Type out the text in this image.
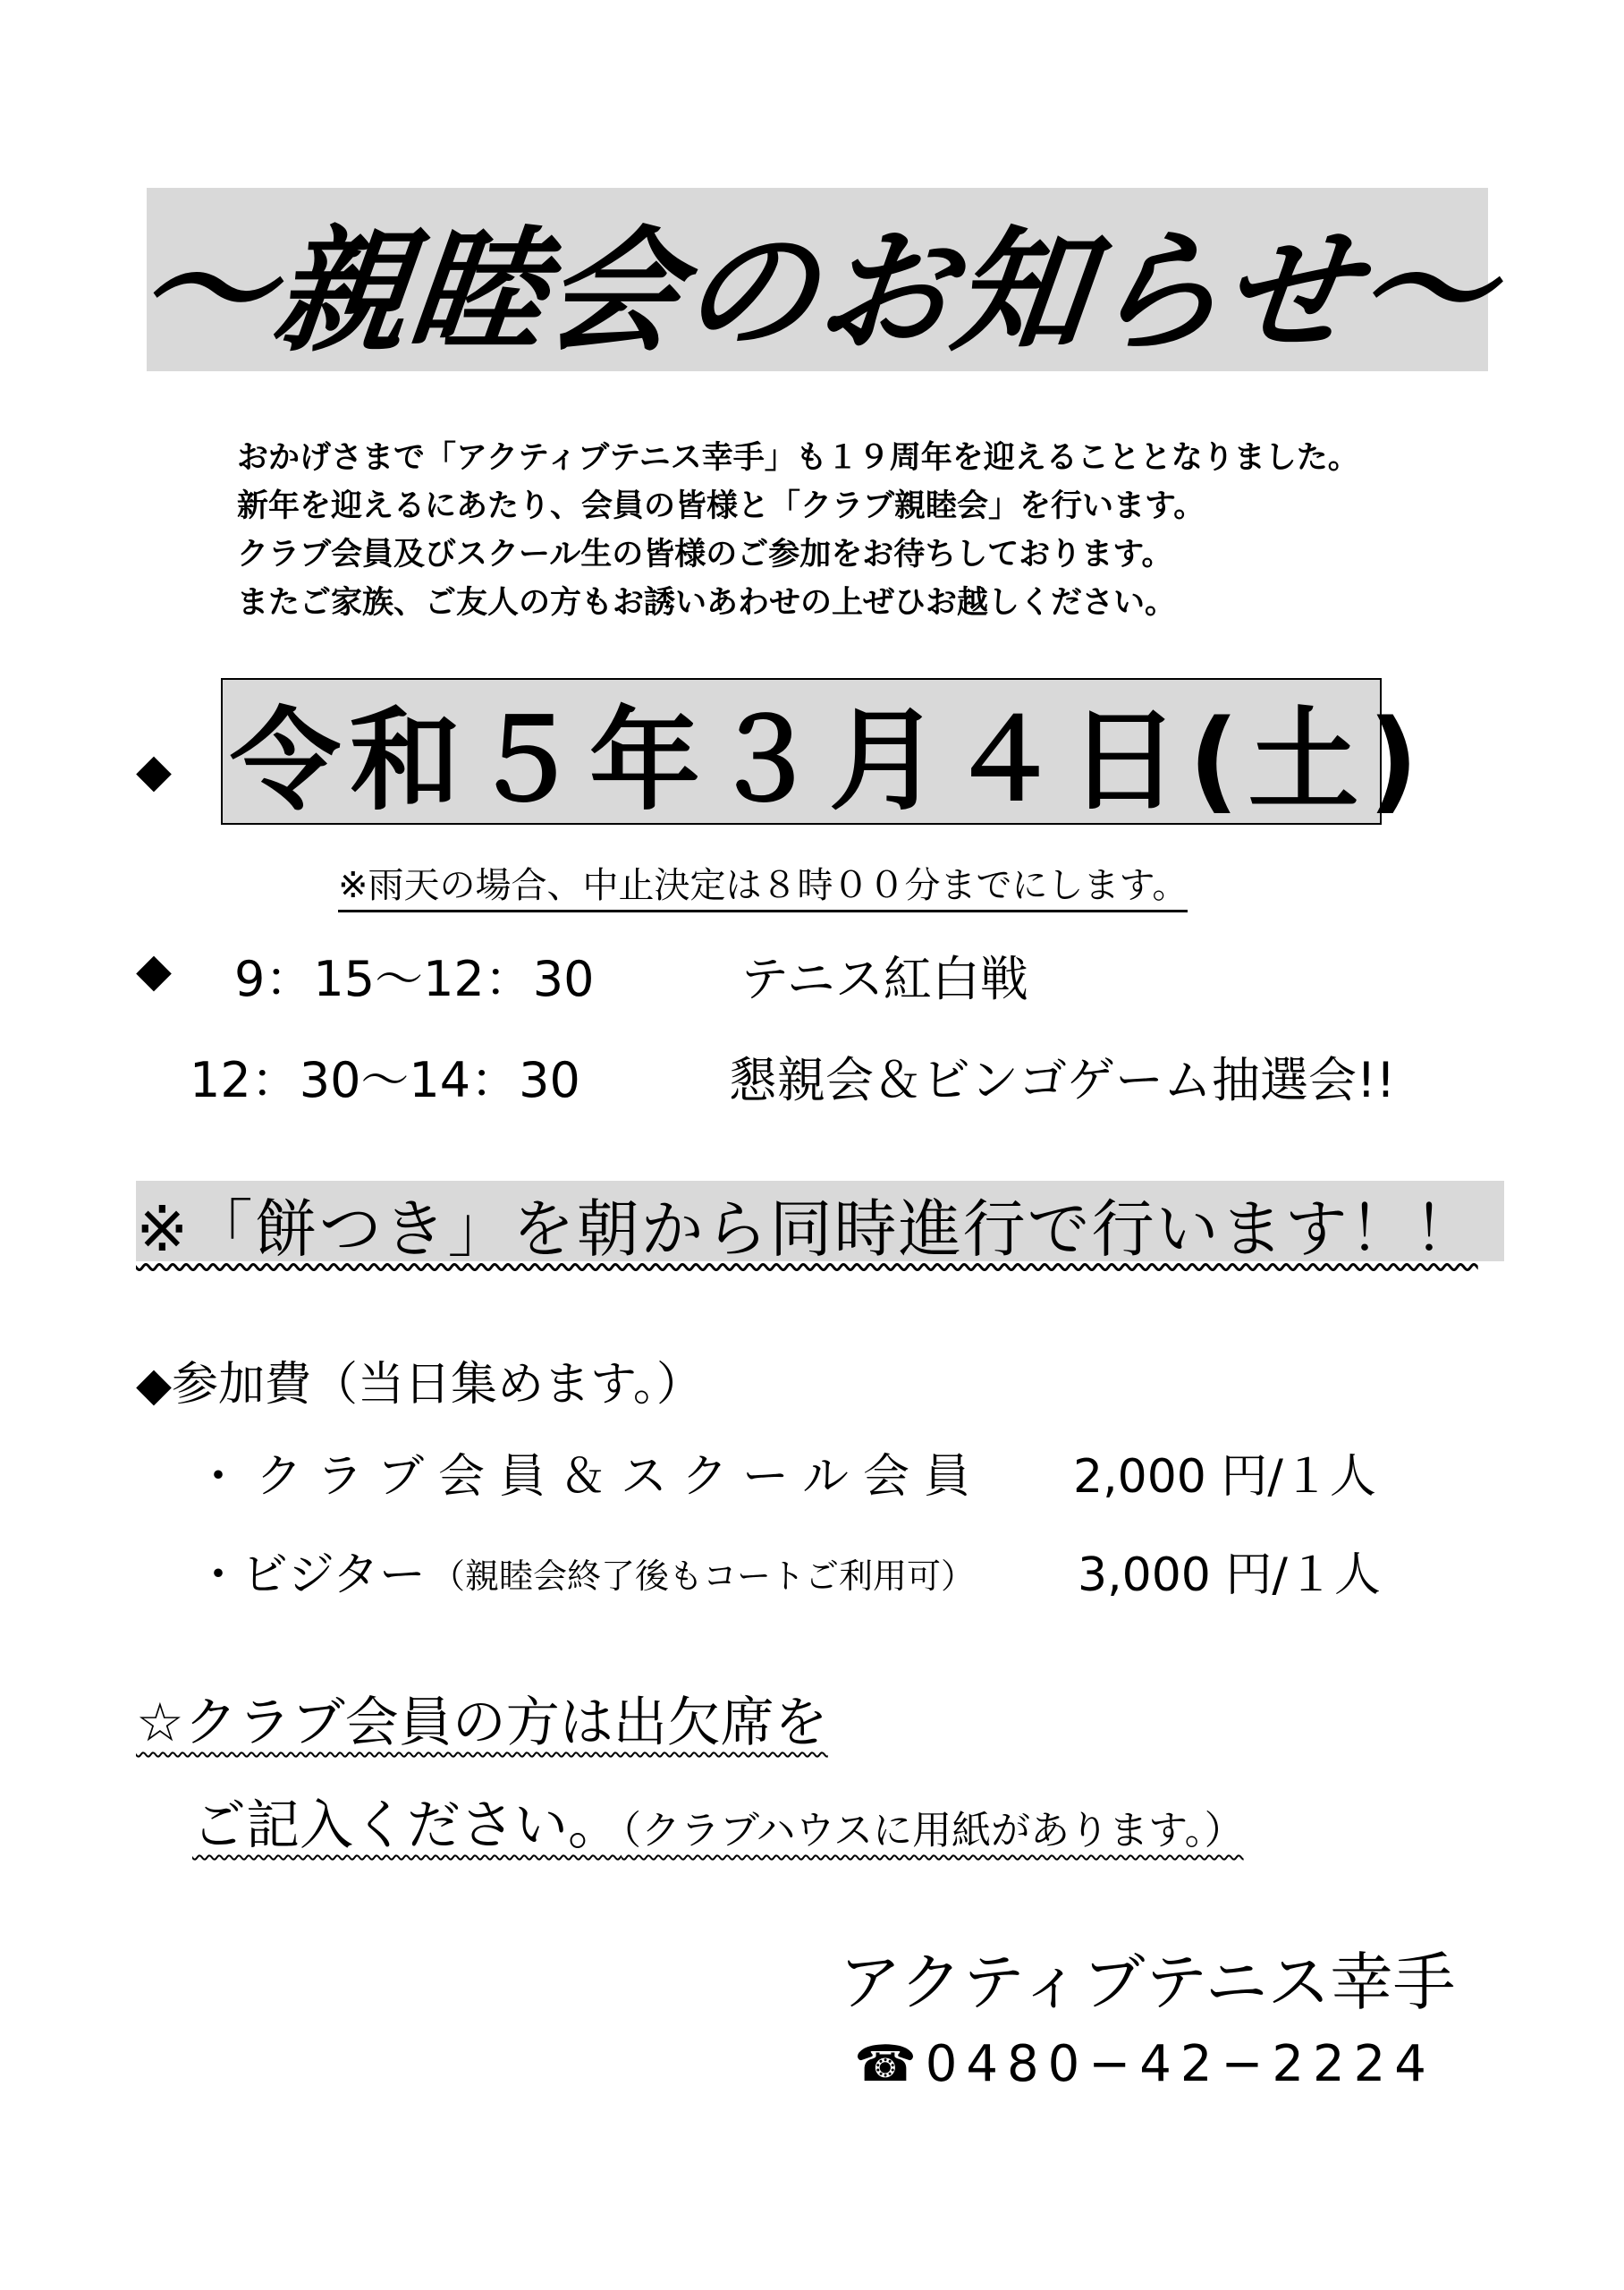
〜親睦会のお知らせ〜
おかげさまで「アクティブテニス幸手」も１９周年を迎えることとなりました。
新年を迎えるにあたり、会員の皆様と「クラブ親睦会」を行います。
クラブ会員及びスクール生の皆様のご参加をお待ちしております。
またご家族、ご友人の方もお誘いあわせの上ぜひお越しください。
◆ 令和５年３月４日(土)
※雨天の場合、中止決定は８時００分までにします。
◆ 9：15〜12：30	テニス紅白戦
12：30〜14：30	懇親会＆ビンゴゲーム抽選会!!
※「餅つき」を朝から同時進行で行います！！
◆参加費（当日集めます。）
・クラブ会員＆スクール会員 2,000 円/１人
・ビジター （親睦会終了後もコートご利用可） 3,000 円/１人
☆クラブ会員の方は出欠席を
ご記入ください。（クラブハウスに用紙があります。）
アクティブテニス幸手
☎0480−42−2224
